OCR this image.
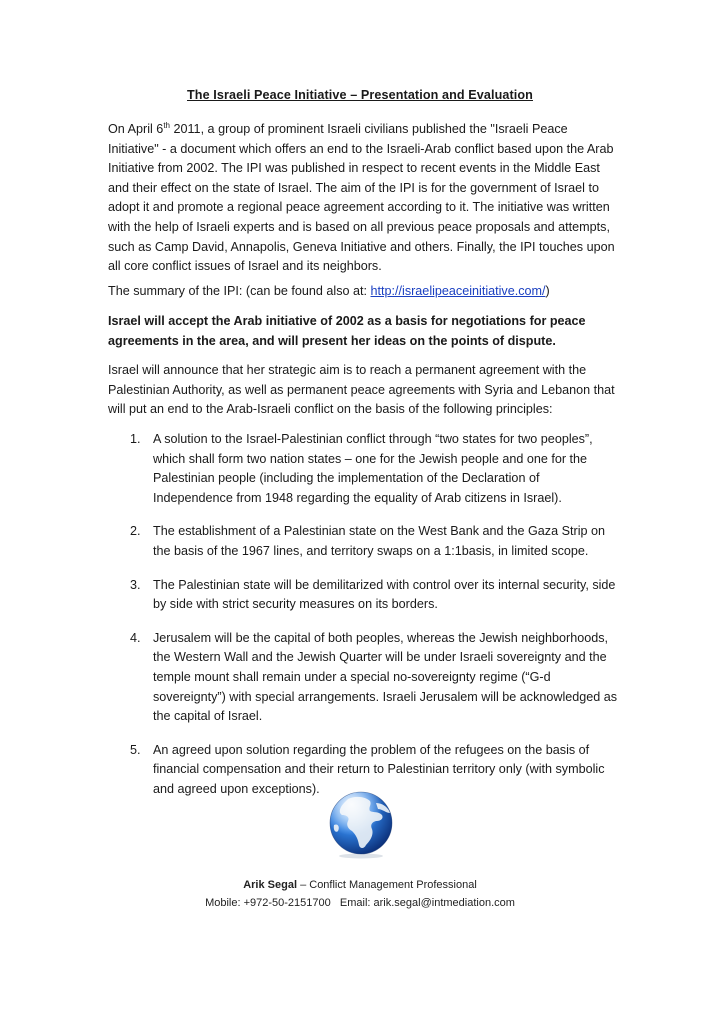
The Israeli Peace Initiative – Presentation and Evaluation
On April 6th 2011, a group of prominent Israeli civilians published the "Israeli Peace Initiative" - a document which offers an end to the Israeli-Arab conflict based upon the Arab Initiative from 2002. The IPI was published in respect to recent events in the Middle East and their effect on the state of Israel. The aim of the IPI is for the government of Israel to adopt it and promote a regional peace agreement according to it. The initiative was written with the help of Israeli experts and is based on all previous peace proposals and attempts, such as Camp David, Annapolis, Geneva Initiative and others. Finally, the IPI touches upon all core conflict issues of Israel and its neighbors.
The summary of the IPI: (can be found also at: http://israelipeaceinitiative.com/)
Israel will accept the Arab initiative of 2002 as a basis for negotiations for peace agreements in the area, and will present her ideas on the points of dispute.
Israel will announce that her strategic aim is to reach a permanent agreement with the Palestinian Authority, as well as permanent peace agreements with Syria and Lebanon that will put an end to the Arab-Israeli conflict on the basis of the following principles:
1. A solution to the Israel-Palestinian conflict through “two states for two peoples”, which shall form two nation states – one for the Jewish people and one for the Palestinian people (including the implementation of the Declaration of Independence from 1948 regarding the equality of Arab citizens in Israel).
2. The establishment of a Palestinian state on the West Bank and the Gaza Strip on the basis of the 1967 lines, and territory swaps on a 1:1basis, in limited scope.
3. The Palestinian state will be demilitarized with control over its internal security, side by side with strict security measures on its borders.
4. Jerusalem will be the capital of both peoples, whereas the Jewish neighborhoods, the Western Wall and the Jewish Quarter will be under Israeli sovereignty and the temple mount shall remain under a special no-sovereignty regime (“G-d sovereignty”) with special arrangements. Israeli Jerusalem will be acknowledged as the capital of Israel.
5. An agreed upon solution regarding the problem of the refugees on the basis of financial compensation and their return to Palestinian territory only (with symbolic and agreed upon exceptions).
Arik Segal – Conflict Management Professional
Mobile: +972-50-2151700   Email: arik.segal@intmediation.com
